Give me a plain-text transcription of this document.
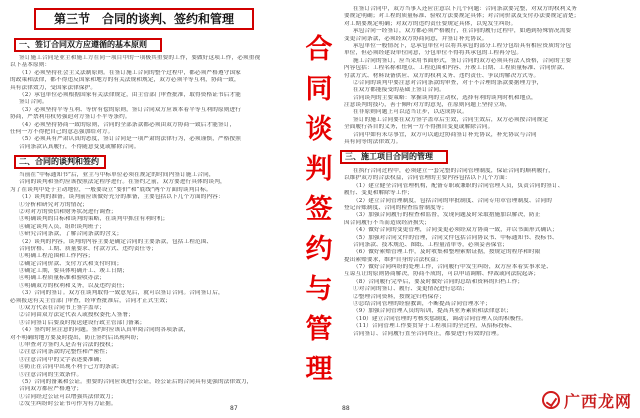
第三节　合同的谈判、签约和管理
一、签订合同双方应遵循的基本原则
签订施工合同是业主和施工方在同一项目中的一项极其重要的工作，要做好这项工作，必须重视
以下基本原则：
（1）必须坚持社会主义法制原则。在签订施工合同的整个过程中，都必须严格遵守国家
的政策和法律，都不得违反国家和地方的有关法规和规定，双方必须平等互利，协商一致，
具有法律效力，受国家法律保护。
（2）承包单位必须根据国家有关法律规定，由主管部门审查批准，取得资格证书后才能
签订合同。
（3）必须坚持平等互利、等价有偿的原则，签订合同双方应该本着平等互利的原则进行
协商，严禁利用权势强迫对方签订不平等条约。
（4）必须坚持协商一致的原则，合同的全部条款都必须由双方协商一致后才能签订，
任何一方不得把自己的意志强加给对方。
（5）必须具有严肃认真的态度，签订合同是一项严肃的法律行为，必须谨慎，严格按照
合同条款认真履行，不得随意变更或解除合同。
二、合同的谈判和签约
当前在“中标通知书”后，业主与中标单位必须在规定的时间内签订施工合同，
合同的谈判和签约应该按照法定程序进行。在签约之前，双方要进行具体的谈判，
为了在谈判中处于主动地位，一般要设立“要价”和“底线”两个方面的谈判目标。
（1）谈判的准备。谈判前应该做好充分的准备，主要包括以下几个方面的内容：
①分析和研究对方的情况；
②对对方的资信和财务状况进行调查；
③明确谈判的目标和谈判的策略，在谈判中抓住有利时机；
④确定谈判人员，组织谈判班子；
⑤研究合同条款，了解合同条款的含义；
（2）谈判的内容。谈判的内容主要是确定合同的主要条款，包括工程范围、
合同价格、工期、质量要求、付款方式、违约责任等；
①明确工程范围和工作内容；
②确定合同价款、支付方式和支付时间；
③确定工期，要具体明确开工、竣工日期；
④明确工程质量标准和验收办法；
⑤明确双方的权利和义务，以及违约责任；
（3）合同的签订。双方在谈判取得一致意见后，就可以签订合同。合同签订后，
必须报送有关主管部门审查，经审查批准后，合同才正式生效；
①双方代表在合同书上签字盖章；
②合同由双方法定代表人或授权委托人签署；
③合同签订后要及时报送建设行政主管部门备案；
（4）签约时应注意的问题。签约时应该认真审阅合同的各项条款，
对不明确的地方要及时提出，防止签约后出现纠纷；
①审查对方签约人是否有合法的授权；
②注意合同条款的完整性和严密性；
③注意合同中的文字表述要准确；
④防止在合同中出现不利于己方的条款；
⑤注意合同的生效条件。
（5）合同的备案和公证。重要的合同应该进行公证，经公证后的合同具有更强的法律效力，
合同双方都应严格遵守；
①合同经过公证可以增强其法律效力；
②发生纠纷时公证书可作为有力证据。
87
在签订合同中，双方当事人还应注意以下几个问题：合同条款要完整，对双方的权利义务
要规定明确；对工程的质量标准、验收方法要规定具体；对合同价款及支付办法要规定清楚；
对工期要规定明确；对双方的违约责任要规定具体，以免发生纠纷。
承包合同一经签订，双方都必须严格履行，在合同的履行过程中，如遇到特殊情况需要
变更合同条款，必须经双方协商同意，并签订补充协议。
承包单位一般情况下，总承包单位可以将其承包的部分工程分包给具有相应资质的分包
单位，但必须经建设单位同意，分包单位不得将其承包的工程再分包。
施工合同的签订，应当采用书面形式，签订合同的双方必须具有法人资格，合同的主要
内容包括：工程名称和地点、工程范围和内容、开竣工日期、工程质量标准、合同价款、
付款方式、材料设备供应、双方的权利义务、违约责任、争议的解决方式等。
②合同的谈判中要注意对合同条款的审查，对于不合理的条款要据理力争，
在双方都能接受的基础上签订合同。
合同谈判的主要策略：掌握谈判的主动权，选择有利的谈判时机和地点，
注意谈判的技巧，善于倾听对方的意见，在原则问题上坚持立场，
在非原则问题上可以适当让步，以达成协议。
签订的施工合同要在双方签字盖章后生效，合同生效后，双方必须按合同规定
全面履行各自的义务，任何一方不得擅自变更或解除合同。
合同中如有未尽事宜，双方可以通过协商签订补充协议，补充协议与合同
具有同等的法律效力。
三、施工项目合同的管理
在执行合同过程中，必须建立一套完整的合同管理制度，保证合同的顺利履行，
以维护双方的合法权益，合同管理的主要内容包括以下几个方面：
（1）建立健全合同管理机构，配备专职或兼职的合同管理人员，负责合同的签订、
履行、变更和解除等工作；
（2）建立合同管理制度，包括合同的审批制度、合同专用章管理制度、合同的
登记台账制度、合同的检查监督制度等；
（3）加强合同履行的检查和监督，发现问题及时采取措施加以解决，防止
因合同履行不当而造成经济损失；
（4）做好合同的变更管理，合同变更必须经双方协商一致，并以书面形式确认；
（5）加强对合同文件的管理，合同文件包括合同协议书、中标通知书、投标书、
合同条款、技术规范、图纸、工程量清单等，必须妥善保管；
（6）做好索赔管理工作，及时收集和整理索赔证据，按规定的程序和时限
提出索赔要求，维护自身的合法权益；
（7）做好合同纠纷的处理工作，合同履行中发生纠纷，双方应本着实事求是、
互谅互让的原则协商解决，协商不成的，可以申请调解、仲裁或向法院起诉；
（8）合同履行完毕后，要及时做好合同的总结和资料的归档工作；
①对合同的签订、履行、变更情况进行总结；
②整理合同资料，按规定归档保存；
③总结合同管理的经验教训，不断提高合同管理水平；
（9）加强合同管理人员的培训，提高其业务素质和法律意识；
（10）建立合同管理的考核奖惩制度，调动合同管理人员的积极性。
（11）合同管理工作要贯穿于工程项目的全过程，从招标投标、
合同签订、合同履行直至合同终止，都要进行有效的管理。
88
合
同
谈
判
签
约
与
管
理
广西龙网
